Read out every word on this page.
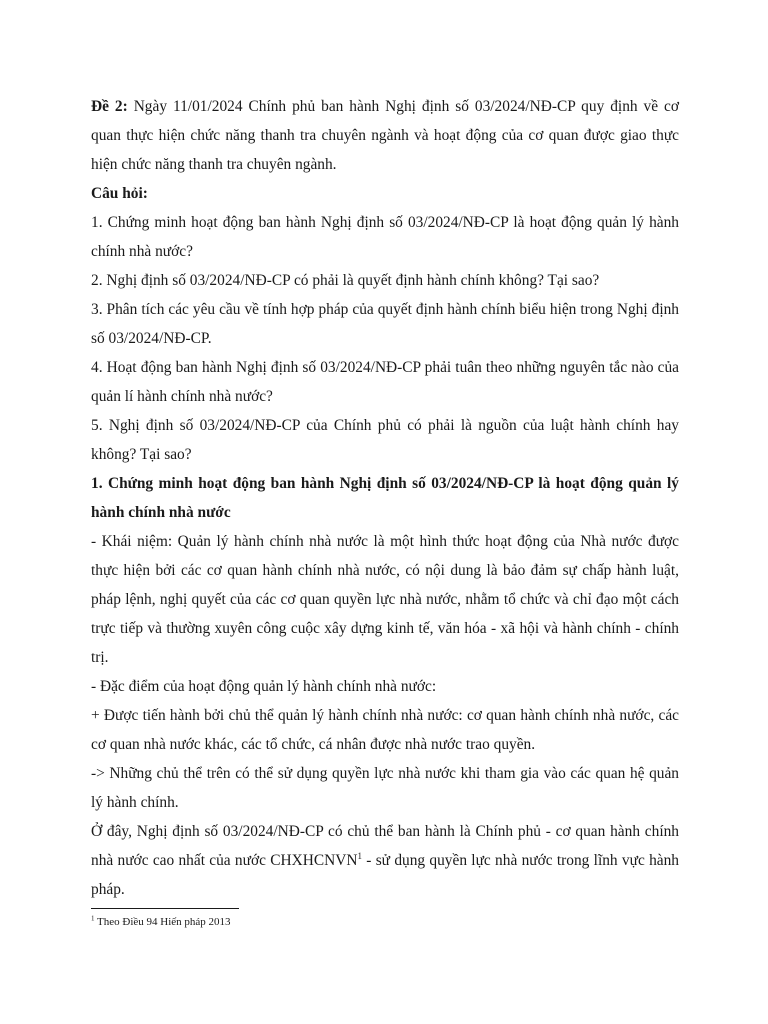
Đề 2: Ngày 11/01/2024 Chính phủ ban hành Nghị định số 03/2024/NĐ-CP quy định về cơ quan thực hiện chức năng thanh tra chuyên ngành và hoạt động của cơ quan được giao thực hiện chức năng thanh tra chuyên ngành.

Câu hỏi:

1. Chứng minh hoạt động ban hành Nghị định số 03/2024/NĐ-CP là hoạt động quản lý hành chính nhà nước?

2. Nghị định số 03/2024/NĐ-CP có phải là quyết định hành chính không? Tại sao?

3. Phân tích các yêu cầu về tính hợp pháp của quyết định hành chính biểu hiện trong Nghị định số 03/2024/NĐ-CP.

4. Hoạt động ban hành Nghị định số 03/2024/NĐ-CP phải tuân theo những nguyên tắc nào của quản lí hành chính nhà nước?

5. Nghị định số 03/2024/NĐ-CP của Chính phủ có phải là nguồn của luật hành chính hay không? Tại sao?

1. Chứng minh hoạt động ban hành Nghị định số 03/2024/NĐ-CP là hoạt động quản lý hành chính nhà nước

- Khái niệm: Quản lý hành chính nhà nước là một hình thức hoạt động của Nhà nước được thực hiện bởi các cơ quan hành chính nhà nước, có nội dung là bảo đảm sự chấp hành luật, pháp lệnh, nghị quyết của các cơ quan quyền lực nhà nước, nhằm tổ chức và chỉ đạo một cách trực tiếp và thường xuyên công cuộc xây dựng kinh tế, văn hóa - xã hội và hành chính - chính trị.

- Đặc điểm của hoạt động quản lý hành chính nhà nước:

+ Được tiến hành bởi chủ thể quản lý hành chính nhà nước: cơ quan hành chính nhà nước, các cơ quan nhà nước khác, các tổ chức, cá nhân được nhà nước trao quyền.

-> Những chủ thể trên có thể sử dụng quyền lực nhà nước khi tham gia vào các quan hệ quản lý hành chính.

Ở đây, Nghị định số 03/2024/NĐ-CP có chủ thể ban hành là Chính phủ - cơ quan hành chính nhà nước cao nhất của nước CHXHCNVN$^1$ - sử dụng quyền lực nhà nước trong lĩnh vực hành pháp.

$^1$ Theo Điều 94 Hiến pháp 2013
